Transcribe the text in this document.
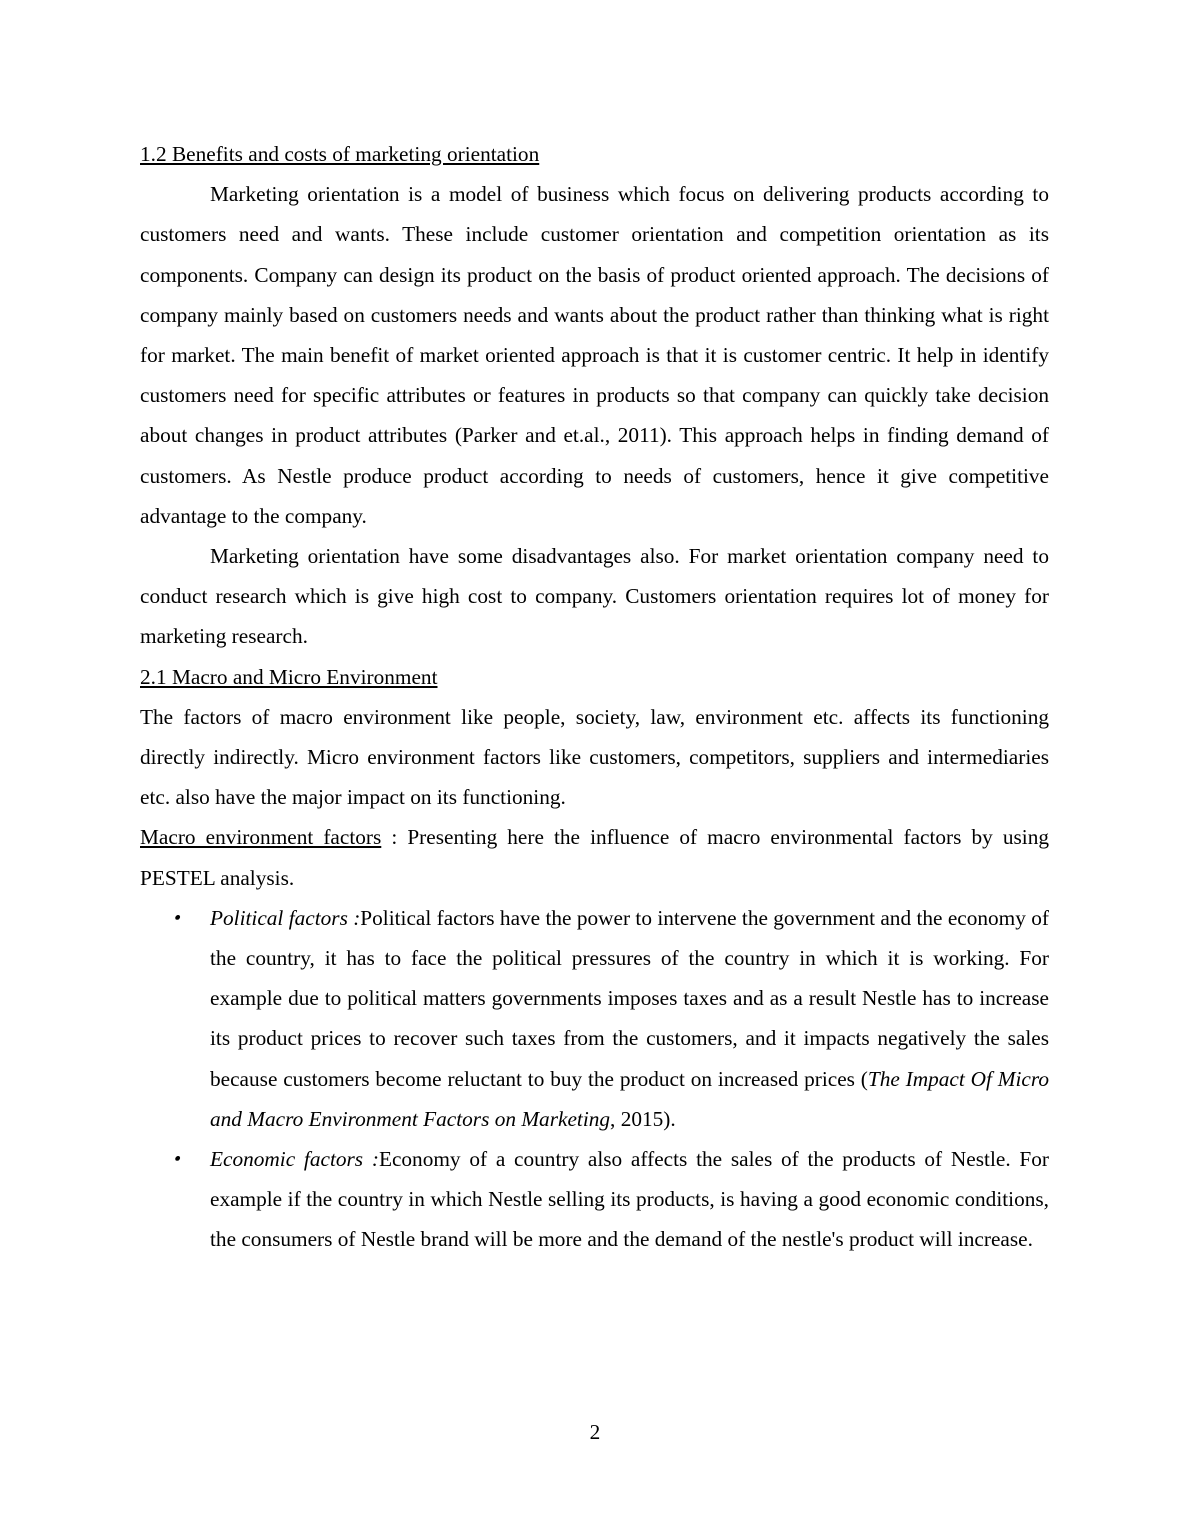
1.2 Benefits and costs of marketing orientation

Marketing orientation is a model of business which focus on delivering products according to customers need and wants. These include customer orientation and competition orientation as its components. Company can design its product on the basis of product oriented approach. The decisions of company mainly based on customers needs and wants about the product rather than thinking what is right for market. The main benefit of market oriented approach is that it is customer centric. It help in identify customers need for specific attributes or features in products so that company can quickly take decision about changes in product attributes (Parker and et.al., 2011). This approach helps in finding demand of customers. As Nestle produce product according to needs of customers, hence it give competitive advantage to the company.

Marketing orientation have some disadvantages also. For market orientation company need to conduct research which is give high cost to company. Customers orientation requires lot of money for marketing research.

2.1 Macro and Micro Environment

The factors of macro environment like people, society, law, environment etc. affects its functioning directly indirectly. Micro environment factors like customers, competitors, suppliers and intermediaries etc. also have the major impact on its functioning.

Macro environment factors : Presenting here the influence of macro environmental factors by using PESTEL analysis.

•	Political factors :Political factors have the power to intervene the government and the economy of the country, it has to face the political pressures of the country in which it is working. For example due to political matters governments imposes taxes and as a result Nestle has to increase its product prices to recover such taxes from the customers, and it impacts negatively the sales because customers become reluctant to buy the product on increased prices (The Impact Of Micro and Macro Environment Factors on Marketing, 2015).
•	Economic factors :Economy of a country also affects the sales of the products of Nestle. For example if the country in which Nestle selling its products, is having a good economic conditions, the consumers of Nestle brand will be more and the demand of the nestle's product will increase.
2
